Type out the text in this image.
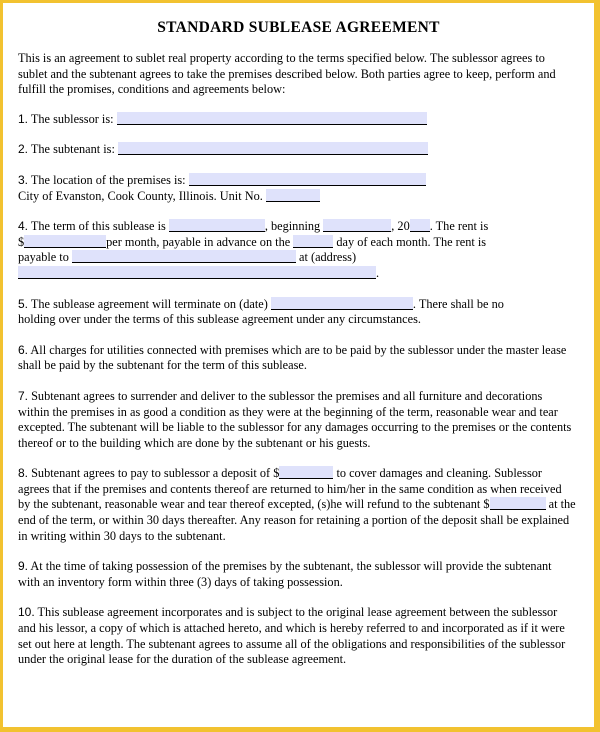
STANDARD SUBLEASE AGREEMENT

This is an agreement to sublet real property according to the terms specified below. The sublessor agrees to sublet and the subtenant agrees to take the premises described below. Both parties agree to keep, perform and fulfill the promises, conditions and agreements below:

1. The sublessor is:

2. The subtenant is:

3. The location of the premises is:
City of Evanston, Cook County, Illinois. Unit No.

4. The term of this sublease is	, beginning	, 20 . The rent is
$	per month, payable in advance on the	day of each month. The rent is
payable to	at (address)
.

5. The sublease agreement will terminate on (date)	. There shall be no
holding over under the terms of this sublease agreement under any circumstances.

6. All charges for utilities connected with premises which are to be paid by the sublessor under the master lease shall be paid by the subtenant for the term of this sublease.

7. Subtenant agrees to surrender and deliver to the sublessor the premises and all furniture and decorations within the premises in as good a condition as they were at the beginning of the term, reasonable wear and tear excepted. The subtenant will be liable to the sublessor for any damages occurring to the premises or the contents thereof or to the building which are done by the subtenant or his guests.

8. Subtenant agrees to pay to sublessor a deposit of $	to cover damages and cleaning. Sublessor agrees that if the premises and contents thereof are returned to him/her in the same condition as when received by the subtenant, reasonable wear and tear thereof excepted, (s)he will refund to the subtenant $	at the end of the term, or within 30 days thereafter. Any reason for retaining a portion of the deposit shall be explained in writing within 30 days to the subtenant.

9. At the time of taking possession of the premises by the subtenant, the sublessor will provide the subtenant with an inventory form within three (3) days of taking possession.

10. This sublease agreement incorporates and is subject to the original lease agreement between the sublessor and his lessor, a copy of which is attached hereto, and which is hereby referred to and incorporated as if it were set out here at length. The subtenant agrees to assume all of the obligations and responsibilities of the sublessor under the original lease for the duration of the sublease agreement.
